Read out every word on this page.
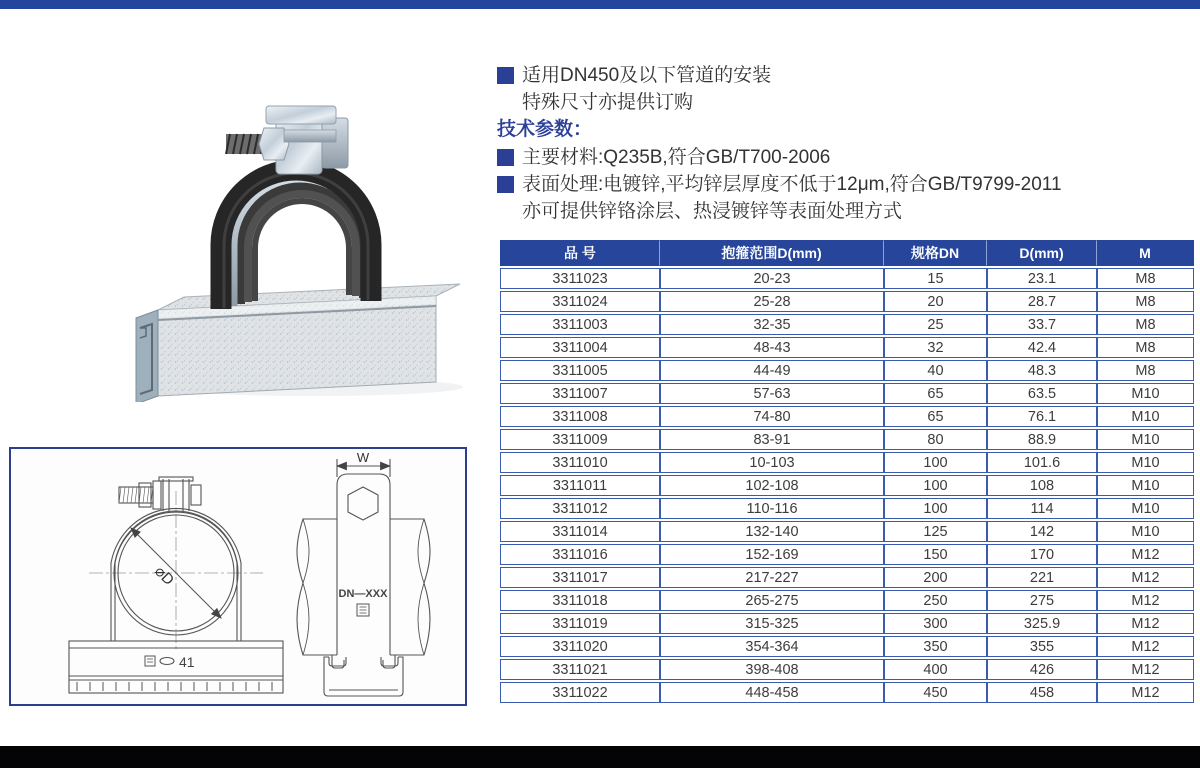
适用DN450及以下管道的安装
特殊尺寸亦提供订购
技术参数：
主要材料:Q235B,符合GB/T700-2006
表面处理:电镀锌,平均锌层厚度不低于12μm,符合GB/T9799-2011
亦可提供锌铬涂层、热浸镀锌等表面处理方式
品 号	抱箍范围D(mm)	规格DN	D(mm)	M
3311023	20-23	15	23.1	M8
3311024	25-28	20	28.7	M8
3311003	32-35	25	33.7	M8
3311004	48-43	32	42.4	M8
3311005	44-49	40	48.3	M8
3311007	57-63	65	63.5	M10
3311008	74-80	65	76.1	M10
3311009	83-91	80	88.9	M10
3311010	10-103	100	101.6	M10
3311011	102-108	100	108	M10
3311012	110-116	100	114	M10
3311014	132-140	125	142	M10
3311016	152-169	150	170	M12
3311017	217-227	200	221	M12
3311018	265-275	250	275	M12
3311019	315-325	300	325.9	M12
3311020	354-364	350	355	M12
3311021	398-408	400	426	M12
3311022	448-458	450	458	M12
W
⌀D
41
DN—XXX
